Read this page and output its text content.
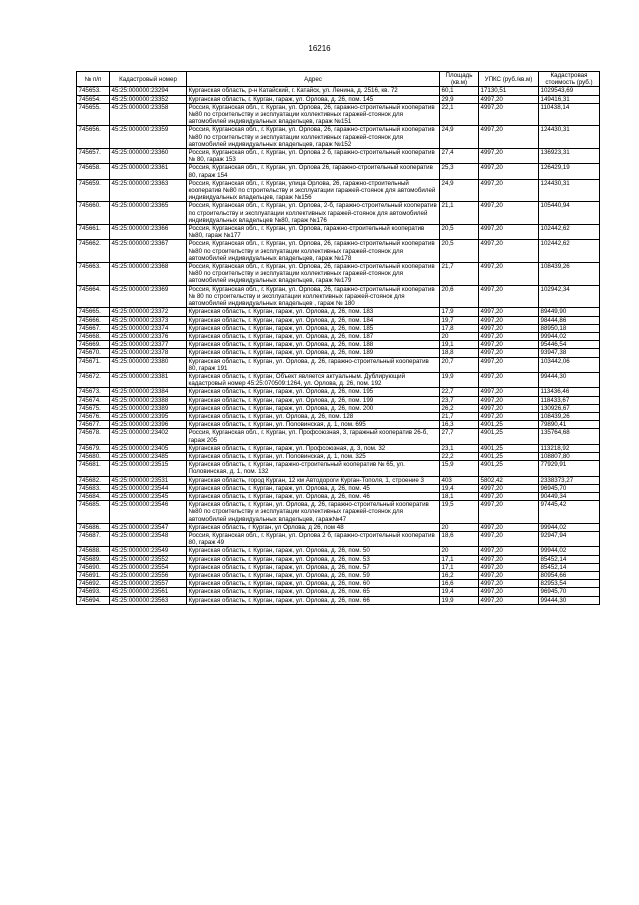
16216
№ п/п	Кадастровый номер	Адрес	Площадь (кв.м)	УПКС (руб./кв.м)	Кадастровая стоимость (руб.)
745653.	45:25:000000:23294	Курганская область, р-н Катайский, г. Катайск, ул. Ленина, д. 2516, кв. 72	60,1	17130,51	1029543,69
745654.	45:25:000000:23352	Курганская область, г. Курган, гараж, ул. Орлова, д. 26, пом. 145	29,9	4997,20	149416,31
745655.	45:25:000000:23358	Россия, Курганская обл., г. Курган, ул. Орлова, 26, гаражно-строительный кооператив №80 по строительству и эксплуатации коллективных гаражей-стоянок для автомобилей индивидуальных владельцев, гараж №151	22,1	4997,20	110438,14
745656.	45:25:000000:23359	Россия, Курганская обл., г. Курган, ул. Орлова, 26, гаражно-строительный кооператив №80 по строительству и эксплуатации коллективных гаражей-стоянок для автомобилей индивидуальных владельцев, гараж №152	24,9	4997,20	124430,31
745657.	45:25:000000:23360	Россия, Курганская обл., г. Курган, ул. Орлова 2 б, гаражно-строительный кооператив № 80, гараж 153	27,4	4997,20	136923,31
745658.	45:25:000000:23361	Россия, Курганская обл., г. Курган, ул. Орлова 26, гаражно-строительный кооператив 80, гараж 154	25,3	4997,20	126429,19
745659.	45:25:000000:23363	Россия, Курганская обл., г. Курган, улица Орлова, 26, гаражно-строительный кооператив №80 по строительству и эксплуатации гаражей-стоянок для автомобилей индивидуальных владельцев, гараж №156	24,9	4997,20	124430,31
745660.	45:25:000000:23365	Россия, Курганская обл., г. Курган, ул. Орлова, 2-б, гаражно-строительный кооператив по строительству и эксплуатации коллективных гаражей-стоянок для автомобилей индивидуальных владельцев №80, гараж №176	21,1	4997,20	105440,94
745661.	45:25:000000:23366	Россия, Курганская обл., г. Курган, ул. Орлова, гаражно-строительный кооператив №80, гараж №177	20,5	4997,20	102442,62
745662.	45:25:000000:23367	Россия, Курганская обл., г. Курган, ул. Орлова, 26, гаражно-строительный кооператив №80 по строительству и эксплуатации коллективных гаражей-стоянок для автомобилей индивидуальных владельцев, гараж №178	20,5	4997,20	102442,62
745663.	45:25:000000:23368	Россия, Курганская обл., г. Курган, ул. Орлова, 26, гаражно-строительный кооператив №80 по строительству и эксплуатации коллективных гаражей-стоянок для автомобилей индивидуальных владельцев, гараж №179	21,7	4997,20	108439,26
745664.	45:25:000000:23369	Россия, Курганская обл., г. Курган, ул. Орлова, 26, гаражно-строительный кооператив № 80 по строительству и эксплуатации коллективных гаражей-стоянок для автомобилей индивидуальных владельцев , гараж № 180	20,6	4997,20	102942,34
745665.	45:25:000000:23372	Курганская область, г. Курган, гараж, ул. Орлова, д. 26, пом. 183	17,9	4997,20	89449,90
745666.	45:25:000000:23373	Курганская область, г. Курган, гараж, ул. Орлова, д. 26, пом. 184	19,7	4997,20	98444,86
745667.	45:25:000000:23374	Курганская область, г. Курган, гараж, ул. Орлова, д. 26, пом. 185	17,8	4997,20	88950,18
745668.	45:25:000000:23376	Курганская область, г. Курган, гараж, ул. Орлова, д. 26, пом. 187	20	4997,20	99944,02
745669.	45:25:000000:23377	Курганская область, г. Курган, гараж, ул. Орлова, д. 26, пом. 188	19,1	4997,20	95446,54
745670.	45:25:000000:23378	Курганская область, г. Курган, гараж, ул. Орлова, д. 26, пом. 189	18,8	4997,20	93947,38
745671.	45:25:000000:23380	Курганская область, г. Курган, ул. Орлова, д. 26, гаражно-строительный кооператив 80, гараж 191	20,7	4997,20	103442,06
745672.	45:25:000000:23381	Курганская область, г. Курган, Объект является актуальным. Дублирующий кадастровый номер 45:25:070509:1264, ул. Орлова, д. 26, пом. 192	19,9	4997,20	99444,30
745673.	45:25:000000:23384	Курганская область, г. Курган, гараж, ул. Орлова, д. 26, пом. 195	22,7	4997,20	113436,46
745674.	45:25:000000:23388	Курганская область, г. Курган, гараж, ул. Орлова, д. 26, пом. 199	23,7	4997,20	118433,67
745675.	45:25:000000:23389	Курганская область, г. Курган, гараж, ул. Орлова, д. 26, пом. 200	26,2	4997,20	130926,67
745676.	45:25:000000:23395	Курганская область, г. Курган, ул. Орлова, д. 26, пом. 128	21,7	4997,20	108439,26
745677.	45:25:000000:23396	Курганская область, г. Курган, ул. Половинская, д. 1, пом. 695	16,3	4901,25	79890,41
745678.	45:25:000000:23402	Россия, Курганская обл., г. Курган, ул. Профсоюзная, 3, гаражный кооператив 26-б, гараж 205	27,7	4901,25	135764,68
745679.	45:25:000000:23405	Курганская область, г. Курган, гараж, ул. Профсоюзная, д. 3, пом. 32	23,1	4901,25	113218,92
745680.	45:25:000000:23485	Курганская область, г. Курган, ул. Половинская, д. 1, пом. 325	22,2	4901,25	108807,80
745681.	45:25:000000:23515	Курганская область, г. Курган, гаражно-строительный кооператив № 65, ул. Половинская, д. 1, пом. 132	15,9	4901,25	77929,91
745682.	45:25:000000:23531	Курганская область, город Курган, 12 км Автодороги Курган-Тополя, 1, строение 3	403	5802,42	2338373,27
745683.	45:25:000000:23544	Курганская область, г. Курган, гараж, ул. Орлова, д. 26, пом. 45	19,4	4997,20	96945,70
745684.	45:25:000000:23545	Курганская область, г. Курган, гараж, ул. Орлова, д. 26, пом. 46	18,1	4997,20	90449,34
745685.	45:25:000000:23546	Курганская область, г. Курган, ул. Орлова, д. 26, гаражно-строительный кооператив №80 по строительству и эксплуатации коллективных гаражей-стоянок для автомобилей индивидуальных владельцев, гараж№47	19,5	4997,20	97445,42
745686.	45:25:000000:23547	Курганская область, г Курган, ул Орлова, д 26, пом 48	20	4997,20	99944,02
745687.	45:25:000000:23548	Россия, Курганская обл., г. Курган, ул. Орлова 2 б, гаражно-строительный кооператив 80, гараж 49	18,6	4997,20	92947,94
745688.	45:25:000000:23549	Курганская область, г. Курган, гараж, ул. Орлова, д. 26, пом. 50	20	4997,20	99944,02
745689.	45:25:000000:23552	Курганская область, г. Курган, гараж, ул. Орлова, д. 26, пом. 53	17,1	4997,20	85452,14
745690.	45:25:000000:23554	Курганская область, г. Курган, гараж, ул. Орлова, д. 26, пом. 57	17,1	4997,20	85452,14
745691.	45:25:000000:23556	Курганская область, г. Курган, гараж, ул. Орлова, д. 26, пом. 59	16,2	4997,20	80954,66
745692.	45:25:000000:23557	Курганская область, г. Курган, гараж, ул. Орлова, д. 26, пом. 60	16,6	4997,20	82953,54
745693.	45:25:000000:23561	Курганская область, г. Курган, гараж, ул. Орлова, д. 26, пом. 65	19,4	4997,20	96945,70
745694.	45:25:000000:23563	Курганская область, г. Курган, гараж, ул. Орлова, д. 26, пом. 66	19,9	4997,20	99444,30
